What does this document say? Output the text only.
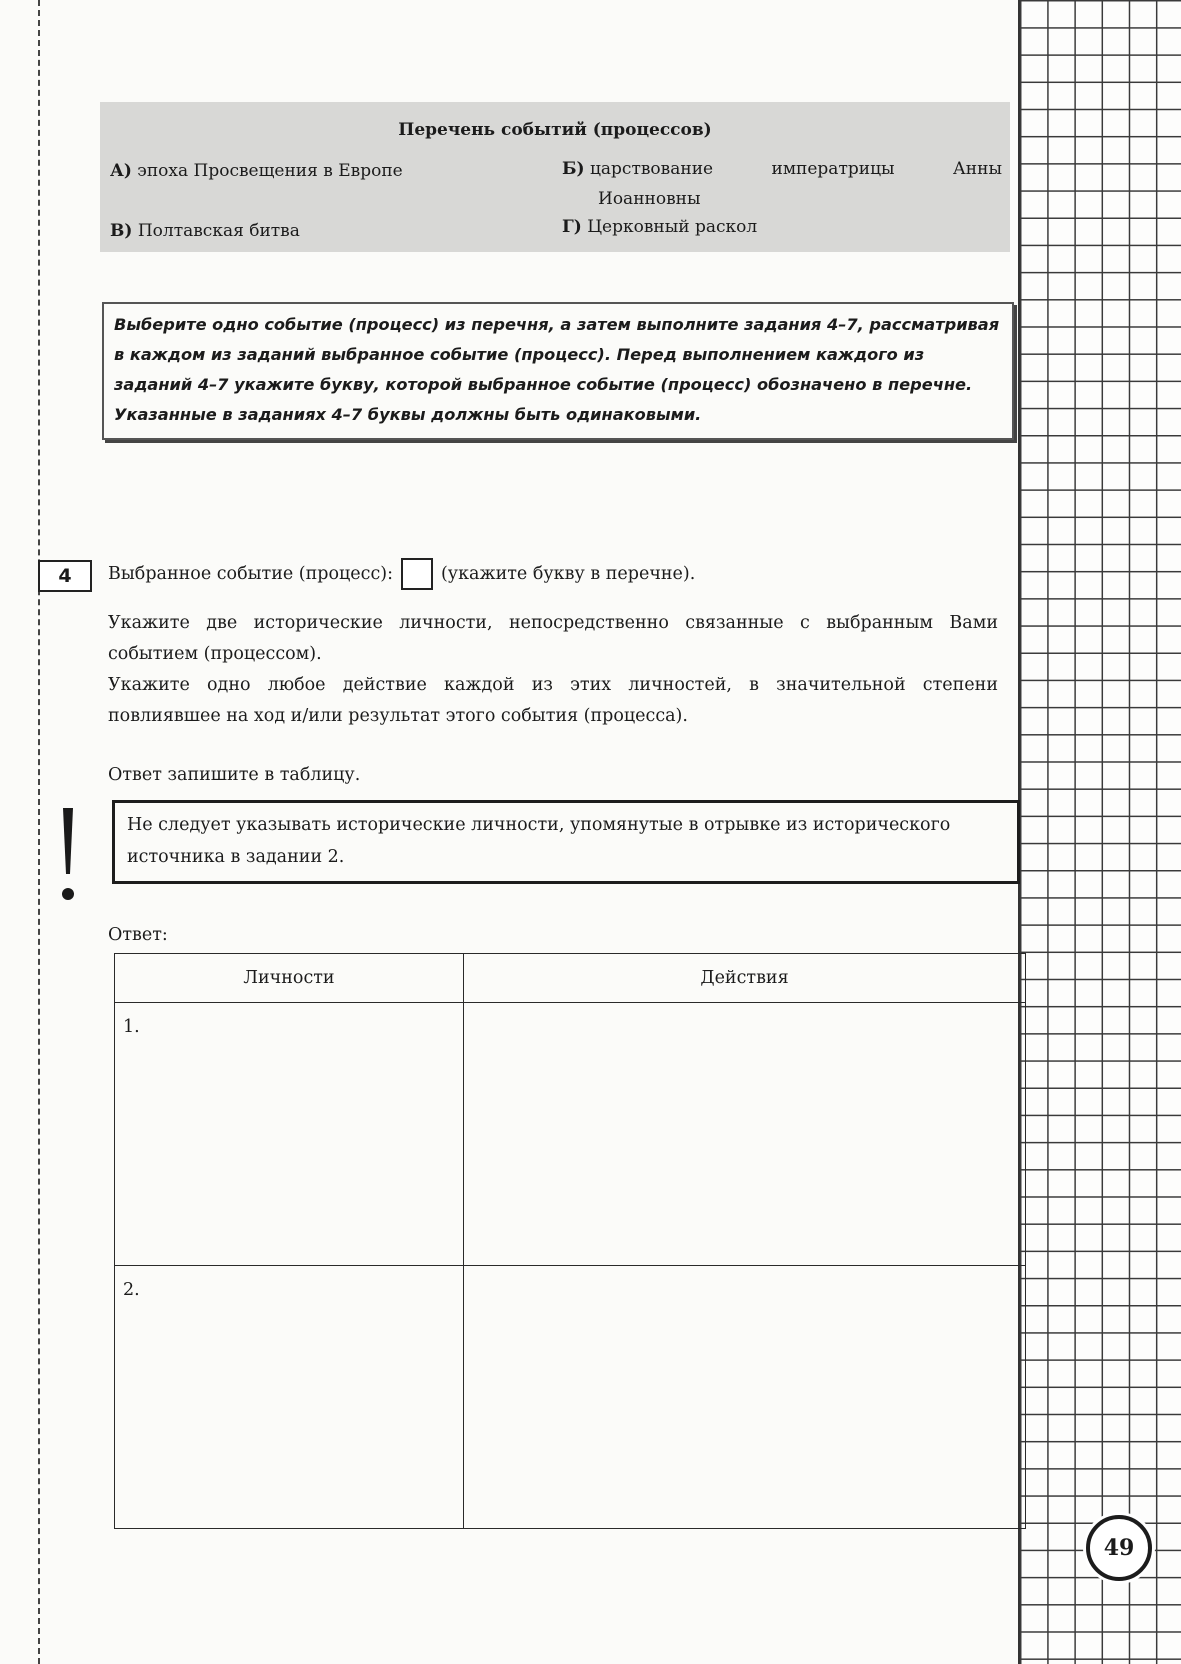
49
Перечень событий (процессов)
А) эпоха Просвещения в Европе	Б) царствование	императрицы	Анны
Иоанновны
В) Полтавская битва	Г) Церковный раскол
Выберите одно событие (процесс) из перечня, а затем выполните задания 4–7, рассматривая в каждом из заданий выбранное событие (процесс). Перед выполнением каждого из заданий 4–7 укажите букву, которой выбранное событие (процесс) обозначено в перечне. Указанные в заданиях 4–7 буквы должны быть одинаковыми.
4	Выбранное событие (процесс):	(укажите букву в перечне).
Укажите две исторические личности, непосредственно связанные с выбранным Вами событием (процессом).
Укажите одно любое действие каждой из этих личностей, в значительной степени повлиявшее на ход и/или результат этого события (процесса).
Ответ запишите в таблицу.
Не следует указывать исторические личности, упомянутые в отрывке из исторического источника в задании 2.
Ответ:
Личности	Действия

1.	

2.	
